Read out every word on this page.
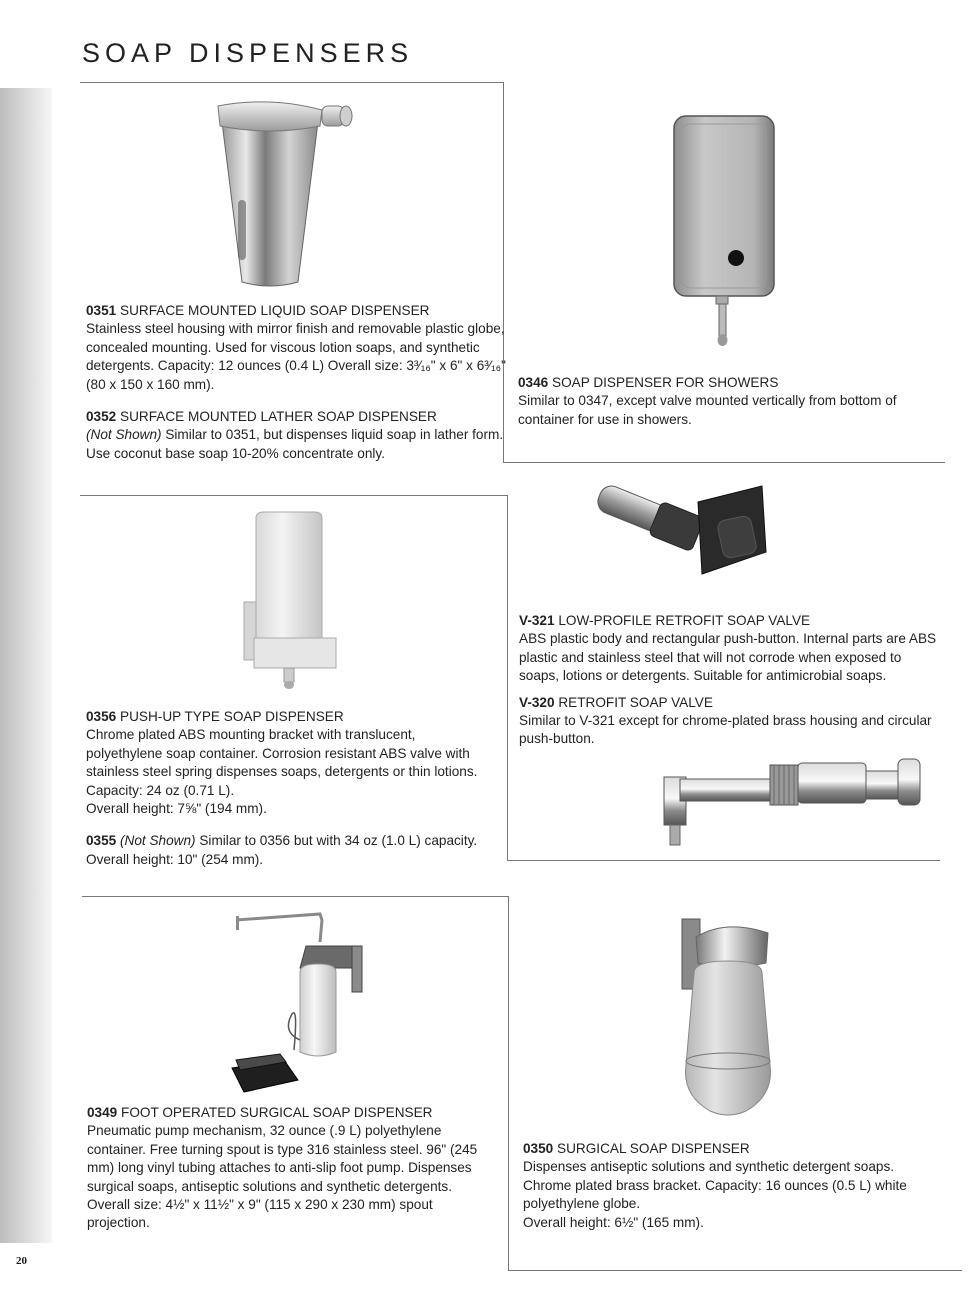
SOAP DISPENSERS
20

0351 SURFACE MOUNTED LIQUID SOAP DISPENSER

Stainless steel housing with mirror finish and removable plastic globe, concealed mounting. Used for viscous lotion soaps, and synthetic detergents. Capacity: 12 ounces (0.4 L) Overall size: 3³⁄₁₆" x 6" x 6³⁄₁₆" (80 x 150 x 160 mm).

0352 SURFACE MOUNTED LATHER SOAP DISPENSER

(Not Shown) Similar to 0351, but dispenses liquid soap in lather form. Use coconut base soap 10-20% concentrate only.

0346 SOAP DISPENSER FOR SHOWERS

Similar to 0347, except valve mounted vertically from bottom of container for use in showers.

0356 PUSH-UP TYPE SOAP DISPENSER

Chrome plated ABS mounting bracket with translucent, polyethylene soap container. Corrosion resistant ABS valve with stainless steel spring dispenses soaps, detergents or thin lotions. Capacity: 24 oz (0.71 L).

Overall height: 7⅝" (194 mm).

0355 (Not Shown) Similar to 0356 but with 34 oz (1.0 L) capacity. Overall height: 10" (254 mm).

V-321 LOW-PROFILE RETROFIT SOAP VALVE

ABS plastic body and rectangular push-button. Internal parts are ABS plastic and stainless steel that will not corrode when exposed to soaps, lotions or detergents. Suitable for antimicrobial soaps.

V-320 RETROFIT SOAP VALVE

Similar to V-321 except for chrome-plated brass housing and circular push-button.

0349 FOOT OPERATED SURGICAL SOAP DISPENSER

Pneumatic pump mechanism, 32 ounce (.9 L) polyethylene container. Free turning spout is type 316 stainless steel. 96" (245 mm) long vinyl tubing attaches to anti-slip foot pump. Dispenses surgical soaps, antiseptic solutions and synthetic detergents. Overall size: 4½" x 11½" x 9" (115 x 290 x 230 mm) spout projection.

0350 SURGICAL SOAP DISPENSER

Dispenses antiseptic solutions and synthetic detergent soaps. Chrome plated brass bracket. Capacity: 16 ounces (0.5 L) white polyethylene globe.

Overall height: 6½" (165 mm).
